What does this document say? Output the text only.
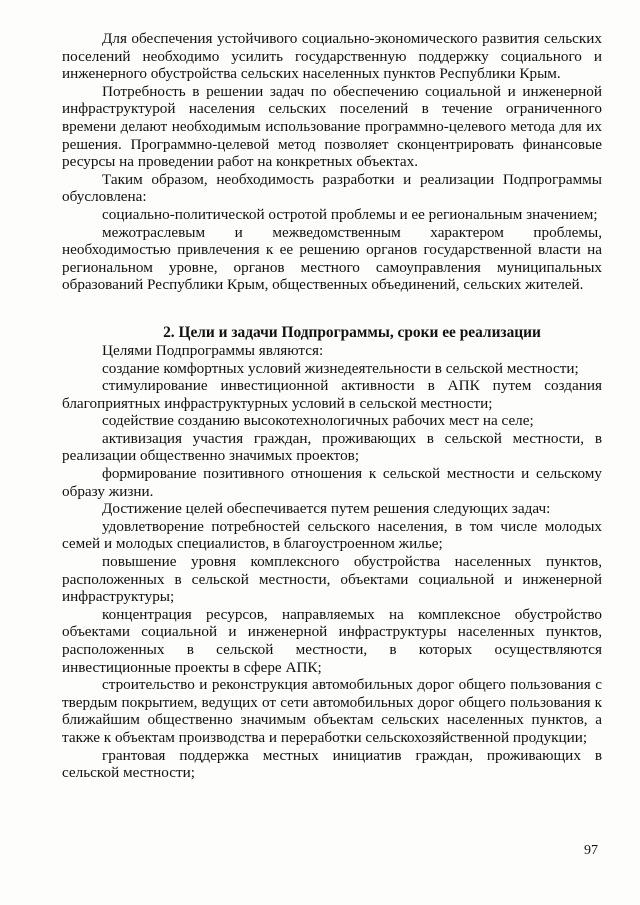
Для обеспечения устойчивого социально-экономического развития сельских поселений необходимо усилить государственную поддержку социального и инженерного обустройства сельских населенных пунктов Республики Крым.

Потребность в решении задач по обеспечению социальной и инженерной инфраструктурой населения сельских поселений в течение ограниченного времени делают необходимым использование программно-целевого метода для их решения. Программно-целевой метод позволяет сконцентрировать финансовые ресурсы на проведении работ на конкретных объектах.

Таким образом, необходимость разработки и реализации Подпрограммы обусловлена:

социально-политической остротой проблемы и ее региональным значением;

межотраслевым и межведомственным характером проблемы, необходимостью привлечения к ее решению органов государственной власти на региональном уровне, органов местного самоуправления муниципальных образований Республики Крым, общественных объединений, сельских жителей.

2. Цели и задачи Подпрограммы, сроки ее реализации

Целями Подпрограммы являются:

создание комфортных условий жизнедеятельности в сельской местности;

стимулирование инвестиционной активности в АПК путем создания благоприятных инфраструктурных условий в сельской местности;

содействие созданию высокотехнологичных рабочих мест на селе;

активизация участия граждан, проживающих в сельской местности, в реализации общественно значимых проектов;

формирование позитивного отношения к сельской местности и сельскому образу жизни.

Достижение целей обеспечивается путем решения следующих задач:

удовлетворение потребностей сельского населения, в том числе молодых семей и молодых специалистов, в благоустроенном жилье;

повышение уровня комплексного обустройства населенных пунктов, расположенных в сельской местности, объектами социальной и инженерной инфраструктуры;

концентрация ресурсов, направляемых на комплексное обустройство объектами социальной и инженерной инфраструктуры населенных пунктов, расположенных в сельской местности, в которых осуществляются инвестиционные проекты в сфере АПК;

строительство и реконструкция автомобильных дорог общего пользования с твердым покрытием, ведущих от сети автомобильных дорог общего пользования к ближайшим общественно значимым объектам сельских населенных пунктов, а также к объектам производства и переработки сельскохозяйственной продукции;

грантовая поддержка местных инициатив граждан, проживающих в сельской местности;

97
